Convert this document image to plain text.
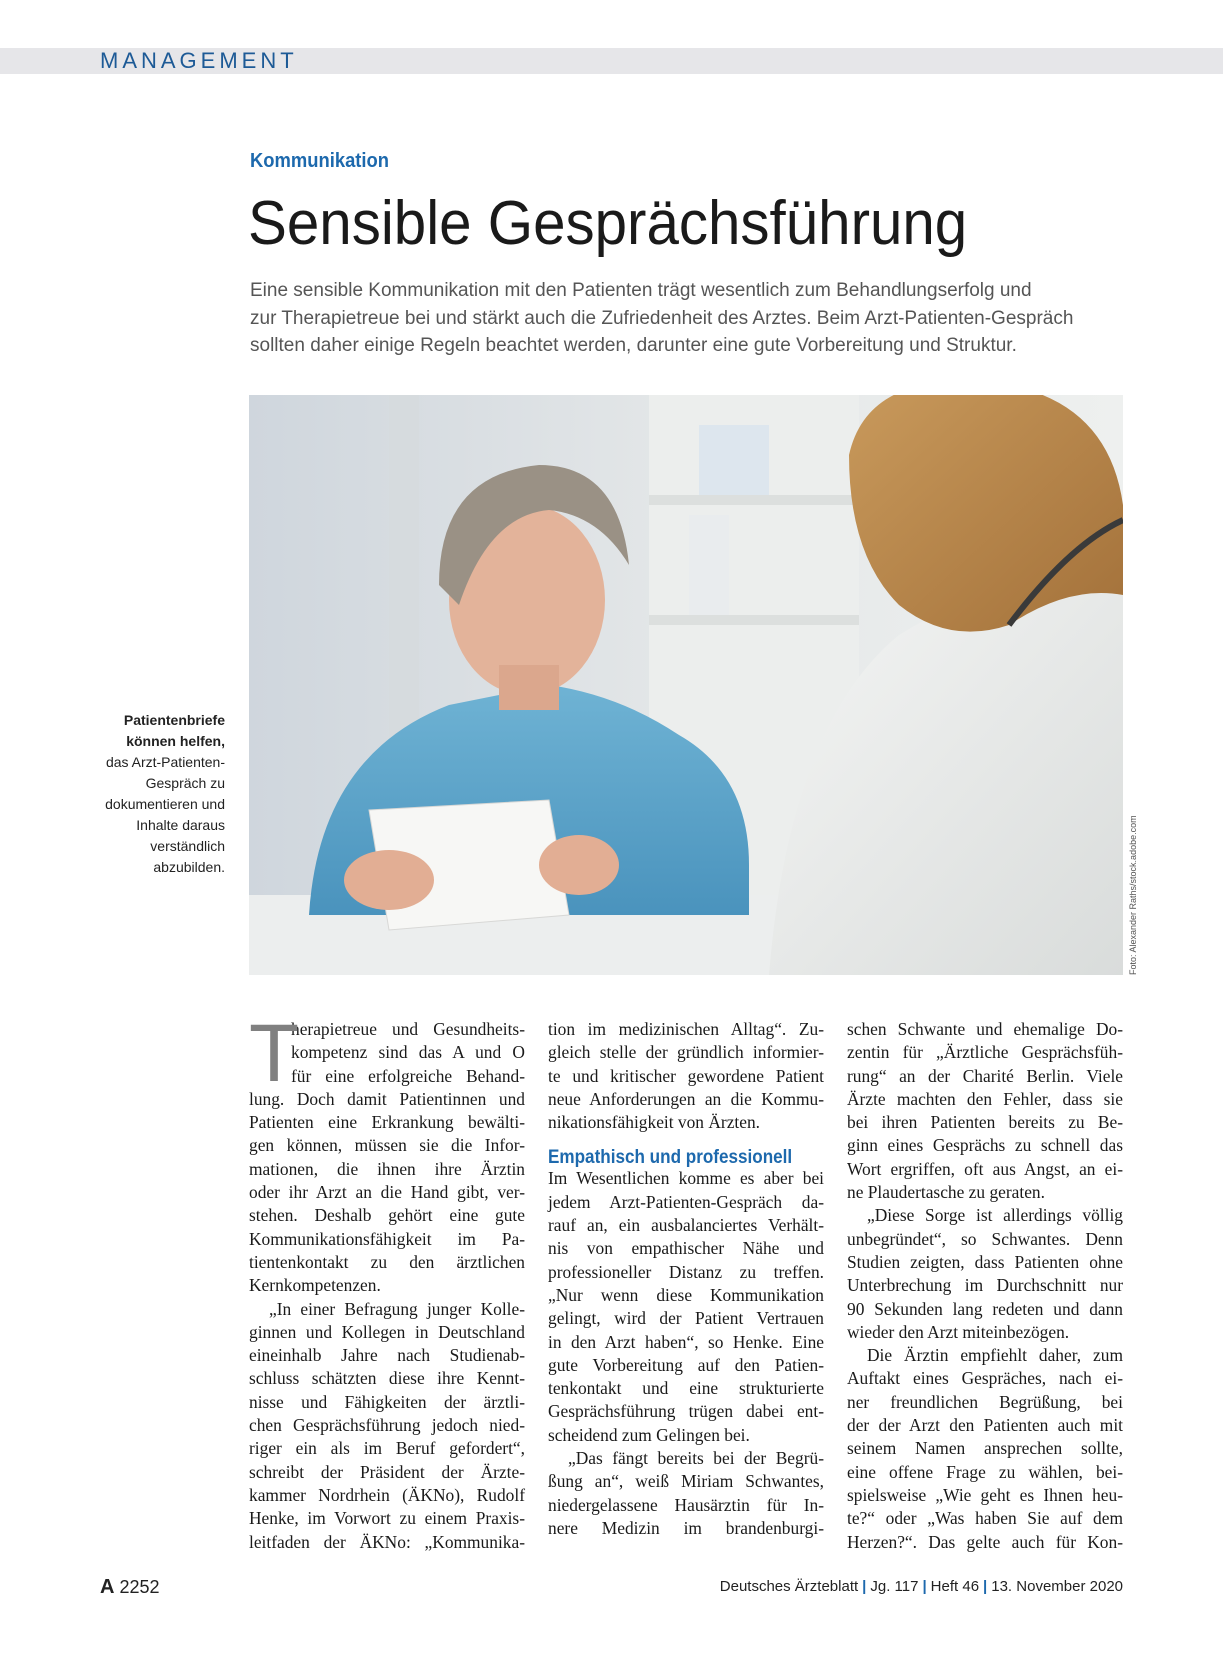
MANAGEMENT
Kommunikation
Sensible Gesprächsführung
Eine sensible Kommunikation mit den Patienten trägt wesentlich zum Behandlungserfolg und
zur Therapietreue bei und stärkt auch die Zufriedenheit des Arztes. Beim Arzt-Patienten-Gespräch
sollten daher einige Regeln beachtet werden, darunter eine gute Vorbereitung und Struktur.
Patientenbriefe
können helfen,
das Arzt-Patienten-
Gespräch zu
dokumentieren und
Inhalte daraus
verständlich
abzubilden.	Foto: Alexander Raths/stock.adobe.com
T
herapietreue und Gesundheits-
kompetenz sind das A und O
für eine erfolgreiche Behand-
lung. Doch damit Patientinnen und
Patienten eine Erkrankung bewälti-
gen können, müssen sie die Infor-
mationen, die ihnen ihre Ärztin
oder ihr Arzt an die Hand gibt, ver-
stehen. Deshalb gehört eine gute
Kommunikationsfähigkeit im Pa-
tientenkontakt zu den ärztlichen
Kernkompetenzen.
„In einer Befragung junger Kolle-
ginnen und Kollegen in Deutschland
eineinhalb Jahre nach Studienab-
schluss schätzten diese ihre Kennt-
nisse und Fähigkeiten der ärztli-
chen Gesprächsführung jedoch nied-
riger ein als im Beruf gefordert“,
schreibt der Präsident der Ärzte-
kammer Nordrhein (ÄKNo), Rudolf
Henke, im Vorwort zu einem Praxis-
leitfaden der ÄKNo: „Kommunika-
tion im medizinischen Alltag“. Zu-
gleich stelle der gründlich informier-
te und kritischer gewordene Patient
neue Anforderungen an die Kommu-
nikationsfähigkeit von Ärzten.
Empathisch und professionell
Im Wesentlichen komme es aber bei
jedem Arzt-Patienten-Gespräch da-
rauf an, ein ausbalanciertes Verhält-
nis von empathischer Nähe und
professioneller Distanz zu treffen.
„Nur wenn diese Kommunikation
gelingt, wird der Patient Vertrauen
in den Arzt haben“, so Henke. Eine
gute Vorbereitung auf den Patien-
tenkontakt und eine strukturierte
Gesprächsführung trügen dabei ent-
scheidend zum Gelingen bei.
„Das fängt bereits bei der Begrü-
ßung an“, weiß Miriam Schwantes,
niedergelassene Hausärztin für In-
nere Medizin im brandenburgi-
schen Schwante und ehemalige Do-
zentin für „Ärztliche Gesprächsfüh-
rung“ an der Charité Berlin. Viele
Ärzte machten den Fehler, dass sie
bei ihren Patienten bereits zu Be-
ginn eines Gesprächs zu schnell das
Wort ergriffen, oft aus Angst, an ei-
ne Plaudertasche zu geraten.
„Diese Sorge ist allerdings völlig
unbegründet“, so Schwantes. Denn
Studien zeigten, dass Patienten ohne
Unterbrechung im Durchschnitt nur
90 Sekunden lang redeten und dann
wieder den Arzt miteinbezögen.
Die Ärztin empfiehlt daher, zum
Auftakt eines Gespräches, nach ei-
ner freundlichen Begrüßung, bei
der der Arzt den Patienten auch mit
seinem Namen ansprechen sollte,
eine offene Frage zu wählen, bei-
spielsweise „Wie geht es Ihnen heu-
te?“ oder „Was haben Sie auf dem
Herzen?“. Das gelte auch für Kon-
A 2252	Deutsches Ärzteblatt | Jg. 117 | Heft 46 | 13. November 2020
